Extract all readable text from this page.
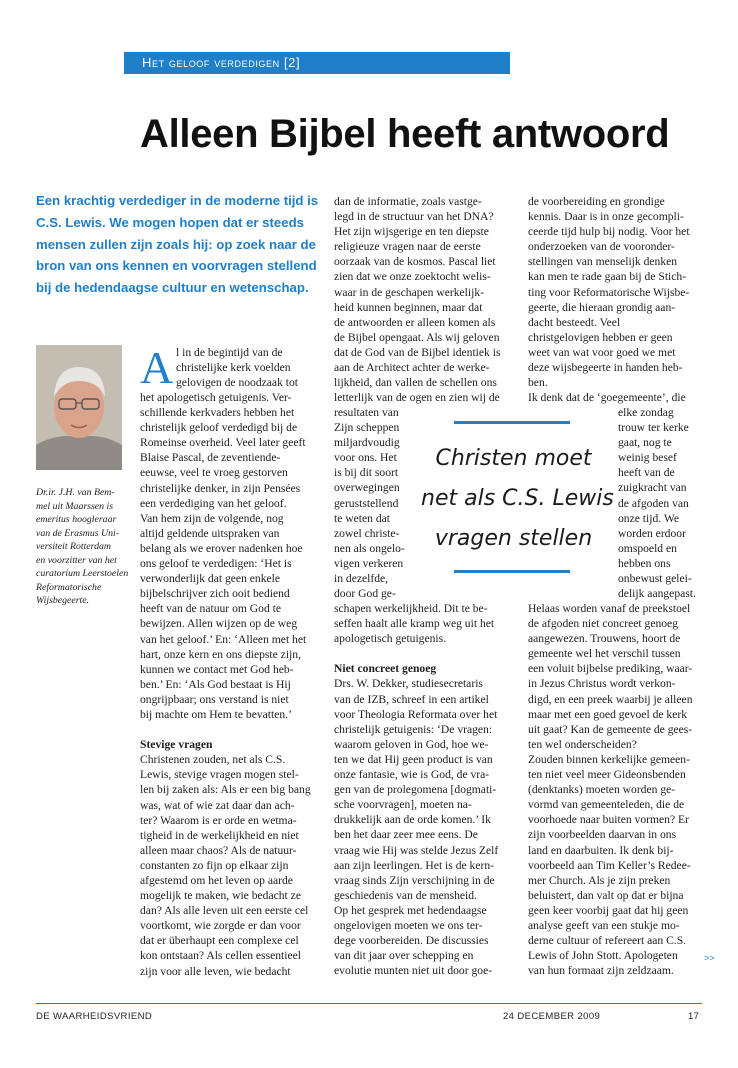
Het geloof verdedigen [2]
Alleen Bijbel heeft antwoord
Een krachtig verdediger in de moderne tijd is
C.S. Lewis. We mogen hopen dat er steeds
mensen zullen zijn zoals hij: op zoek naar de
bron van ons kennen en voorvragen stellend
bij de hedendaagse cultuur en wetenschap.
Dr.ir. J.H. van Bem-
mel uit Maarssen is
emeritus hoogleraar
van de Erasmus Uni-
versiteit Rotterdam
en voorzitter van het
curatorium Leerstoelen
Reformatorische
Wijsbegeerte.
A l in de begintijd van de
christelijke kerk voelden
gelovigen de noodzaak tot
het apologetisch getuigenis. Ver-
schillende kerkvaders hebben het
christelijk geloof verdedigd bij de
Romeinse overheid. Veel later geeft
Blaise Pascal, de zeventiende-
eeuwse, veel te vroeg gestorven
christelijke denker, in zijn Pensées
een verdediging van het geloof.
Van hem zijn de volgende, nog
altijd geldende uitspraken van
belang als we erover nadenken hoe
ons geloof te verdedigen: ‘Het is
verwonderlijk dat geen enkele
bijbelschrijver zich ooit bediend
heeft van de natuur om God te
bewijzen. Allen wijzen op de weg
van het geloof.’ En: ‘Alleen met het
hart, onze kern en ons diepste zijn,
kunnen we contact met God heb-
ben.’ En: ‘Als God bestaat is Hij
ongrijpbaar; ons verstand is niet
bij machte om Hem te bevatten.’
Stevige vragen
Christenen zouden, net als C.S.
Lewis, stevige vragen mogen stel-
len bij zaken als: Als er een big bang
was, wat of wie zat daar dan ach-
ter? Waarom is er orde en wetma-
tigheid in de werkelijkheid en niet
alleen maar chaos? Als de natuur-
constanten zo fijn op elkaar zijn
afgestemd om het leven op aarde
mogelijk te maken, wie bedacht ze
dan? Als alle leven uit een eerste cel
voortkomt, wie zorgde er dan voor
dat er überhaupt een complexe cel
kon ontstaan? Als cellen essentieel
zijn voor alle leven, wie bedacht
dan de informatie, zoals vastge-
legd in de structuur van het DNA?
Het zijn wijsgerige en ten diepste
religieuze vragen naar de eerste
oorzaak van de kosmos. Pascal liet
zien dat we onze zoektocht welis-
waar in de geschapen werkelijk-
heid kunnen beginnen, maar dat
de antwoorden er alleen komen als
de Bijbel opengaat. Als wij geloven
dat de God van de Bijbel identiek is
aan de Architect achter de werke-
lijkheid, dan vallen de schellen ons
letterlijk van de ogen en zien wij de
resultaten van
Zijn scheppen
miljardvoudig
voor ons. Het
is bij dit soort
overwegingen
geruststellend
te weten dat
zowel christe-
nen als ongelo-
vigen verkeren
in dezelfde,
door God ge-
schapen werkelijkheid. Dit te be-
seffen haalt alle kramp weg uit het
apologetisch getuigenis.
Niet concreet genoeg
Drs. W. Dekker, studiesecretaris
van de IZB, schreef in een artikel
voor Theologia Reformata over het
christelijk getuigenis: ‘De vragen:
waarom geloven in God, hoe we-
ten we dat Hij geen product is van
onze fantasie, wie is God, de vra-
gen van de prolegomena [dogmati-
sche voorvragen], moeten na-
drukkelijk aan de orde komen.’ Ik
ben het daar zeer mee eens. De
vraag wie Hij was stelde Jezus Zelf
aan zijn leerlingen. Het is de kern-
vraag sinds Zijn verschijning in de
geschiedenis van de mensheid.
Op het gesprek met hedendaagse
ongelovigen moeten we ons ter-
dege voorbereiden. De discussies
van dit jaar over schepping en
evolutie munten niet uit door goe-
de voorbereiding en grondige
kennis. Daar is in onze gecompli-
ceerde tijd hulp bij nodig. Voor het
onderzoeken van de vooronder-
stellingen van menselijk denken
kan men te rade gaan bij de Stich-
ting voor Reformatorische Wijsbe-
geerte, die hieraan grondig aan-
dacht besteedt. Veel
christgelovigen hebben er geen
weet van wat voor goed we met
deze wijsbegeerte in handen heb-
ben.
Ik denk dat de ‘goegemeente’, die
elke zondag
trouw ter kerke
gaat, nog te
weinig besef
heeft van de
zuigkracht van
de afgoden van
onze tijd. We
worden erdoor
omspoeld en
hebben ons
onbewust gelei-
delijk aangepast.
Helaas worden vanaf de preekstoel
de afgoden niet concreet genoeg
aangewezen. Trouwens, hoort de
gemeente wel het verschil tussen
een voluit bijbelse prediking, waar-
in Jezus Christus wordt verkon-
digd, en een preek waarbij je alleen
maar met een goed gevoel de kerk
uit gaat? Kan de gemeente de gees-
ten wel onderscheiden?
Zouden binnen kerkelijke gemeen-
ten niet veel meer Gideonsbenden
(denktanks) moeten worden ge-
vormd van gemeenteleden, die de
voorhoede naar buiten vormen? Er
zijn voorbeelden daarvan in ons
land en daarbuiten. Ik denk bij-
voorbeeld aan Tim Keller’s Redee-
mer Church. Als je zijn preken
beluistert, dan valt op dat er bijna
geen keer voorbij gaat dat hij geen
analyse geeft van een stukje mo-
derne cultuur of refereert aan C.S.
Lewis of John Stott. Apologeten
van hun formaat zijn zeldzaam.
Christen moet
net als C.S. Lewis
vragen stellen
>>
DE WAARHEIDSVRIEND	24 DECEMBER 2009	17
